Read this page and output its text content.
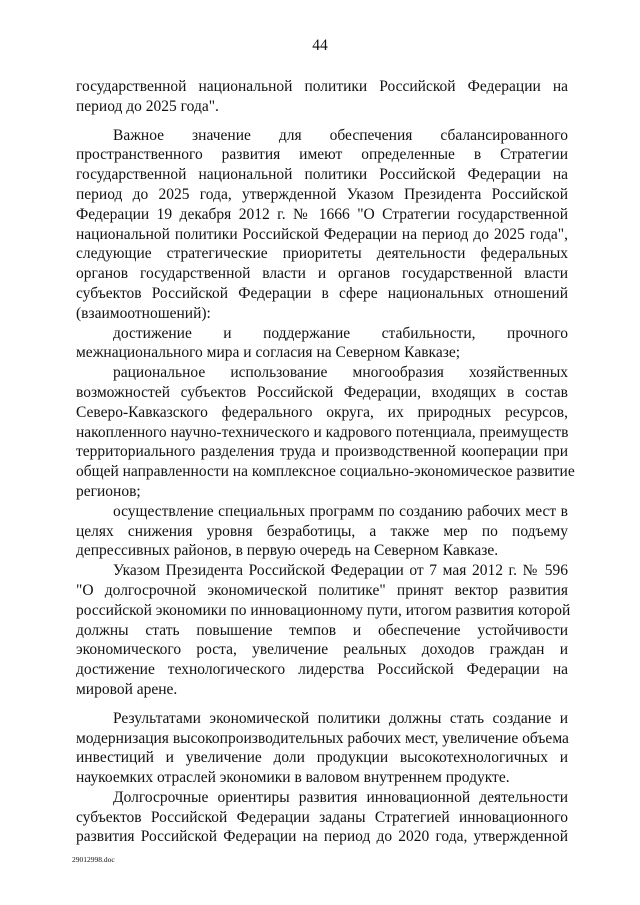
44
государственной национальной политики Российской Федерации на
период до 2025 года".
Важное значение для обеспечения сбалансированного
пространственного развития имеют определенные в Стратегии
государственной национальной политики Российской Федерации на
период до 2025 года, утвержденной Указом Президента Российской
Федерации 19 декабря 2012 г. № 1666 "О Стратегии государственной
национальной политики Российской Федерации на период до 2025 года",
следующие стратегические приоритеты деятельности федеральных
органов государственной власти и органов государственной власти
субъектов Российской Федерации в сфере национальных отношений
(взаимоотношений):
достижение и поддержание стабильности, прочного
межнационального мира и согласия на Северном Кавказе;
рациональное использование многообразия хозяйственных
возможностей субъектов Российской Федерации, входящих в состав
Северо-Кавказского федерального округа, их природных ресурсов,
накопленного научно-технического и кадрового потенциала, преимуществ
территориального разделения труда и производственной кооперации при
общей направленности на комплексное социально-экономическое развитие
регионов;
осуществление специальных программ по созданию рабочих мест в
целях снижения уровня безработицы, а также мер по подъему
депрессивных районов, в первую очередь на Северном Кавказе.
Указом Президента Российской Федерации от 7 мая 2012 г. № 596
"О долгосрочной экономической политике" принят вектор развития
российской экономики по инновационному пути, итогом развития которой
должны стать повышение темпов и обеспечение устойчивости
экономического роста, увеличение реальных доходов граждан и
достижение технологического лидерства Российской Федерации на
мировой арене.
Результатами экономической политики должны стать создание и
модернизация высокопроизводительных рабочих мест, увеличение объема
инвестиций и увеличение доли продукции высокотехнологичных и
наукоемких отраслей экономики в валовом внутреннем продукте.
Долгосрочные ориентиры развития инновационной деятельности
субъектов Российской Федерации заданы Стратегией инновационного
развития Российской Федерации на период до 2020 года, утвержденной
29012998.doc
